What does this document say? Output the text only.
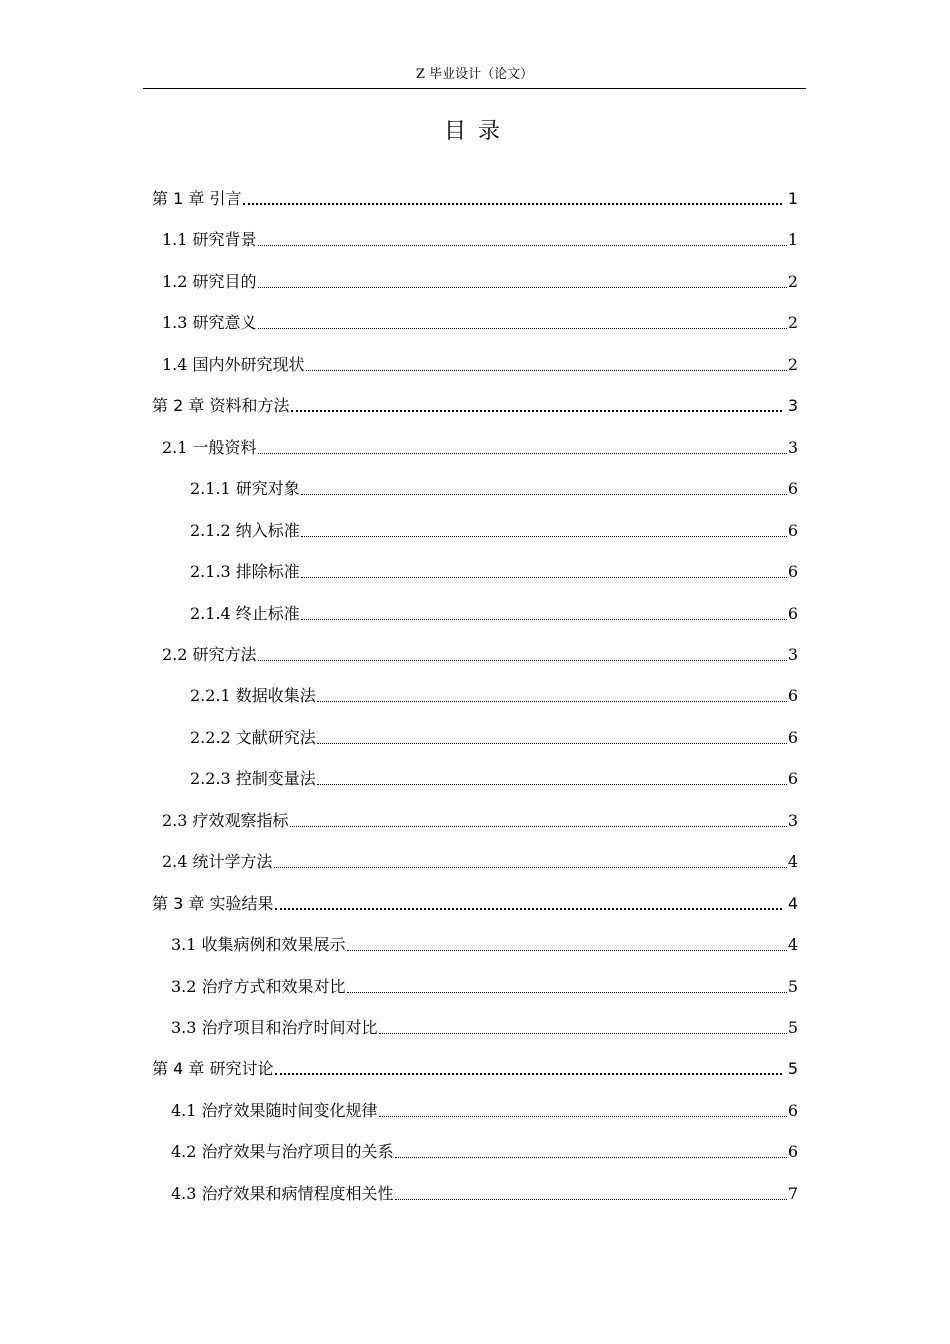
Z 毕业设计（论文）
目录
第 1 章 引言	1
1.1 研究背景	1
1.2 研究目的	2
1.3 研究意义	2
1.4 国内外研究现状	2
第 2 章 资料和方法	3
2.1 一般资料	3
2.1.1 研究对象	6
2.1.2 纳入标准	6
2.1.3 排除标准	6
2.1.4 终止标准	6
2.2 研究方法	3
2.2.1 数据收集法	6
2.2.2 文献研究法	6
2.2.3 控制变量法	6
2.3 疗效观察指标	3
2.4 统计学方法	4
第 3 章 实验结果	4
3.1 收集病例和效果展示	4
3.2 治疗方式和效果对比	5
3.3 治疗项目和治疗时间对比	5
第 4 章 研究讨论	5
4.1 治疗效果随时间变化规律	6
4.2 治疗效果与治疗项目的关系	6
4.3 治疗效果和病情程度相关性	7
